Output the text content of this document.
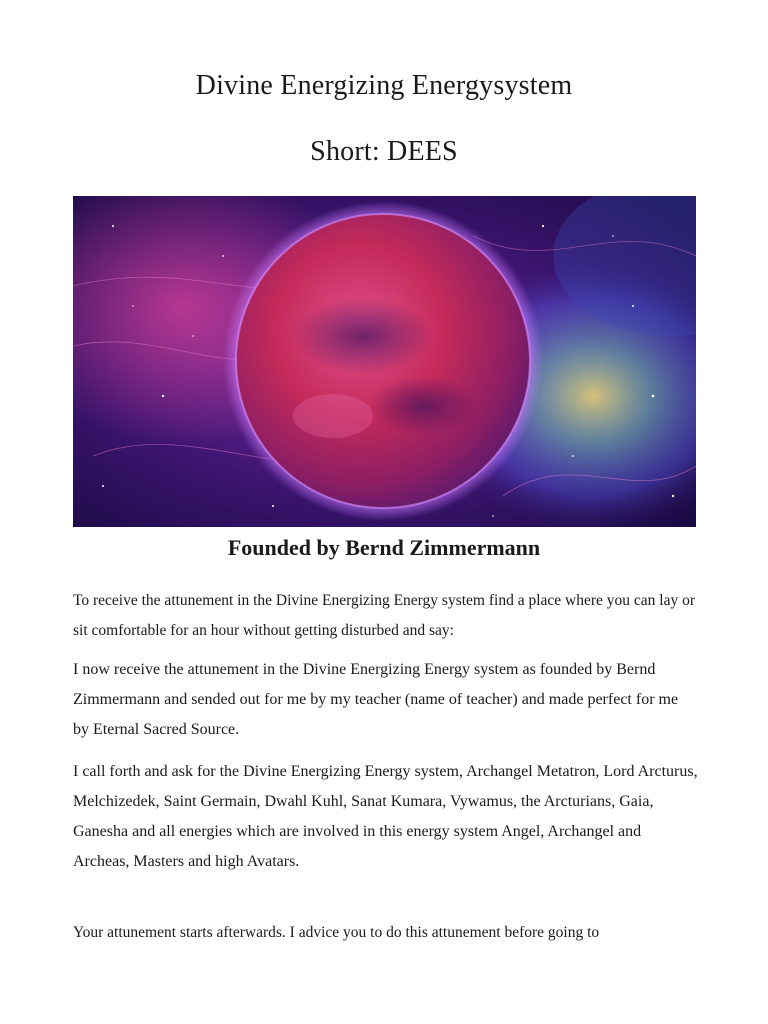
Divine Energizing Energysystem
Short: DEES
Founded by Bernd Zimmermann

To receive the attunement in the Divine Energizing Energy system find a place where you can lay or sit comfortable for an hour without getting disturbed and say:

I now receive the attunement in the Divine Energizing Energy system as founded by Bernd Zimmermann and sended out for me by my teacher (name of teacher) and made perfect for me by Eternal Sacred Source.

I call forth and ask for the Divine Energizing Energy system, Archangel Metatron, Lord Arcturus, Melchizedek, Saint Germain, Dwahl Kuhl, Sanat Kumara, Vywamus, the Arcturians, Gaia, Ganesha and all energies which are involved in this energy system Angel, Archangel and Archeas, Masters and high Avatars.

Your attunement starts afterwards. I advice you to do this attunement before going to
